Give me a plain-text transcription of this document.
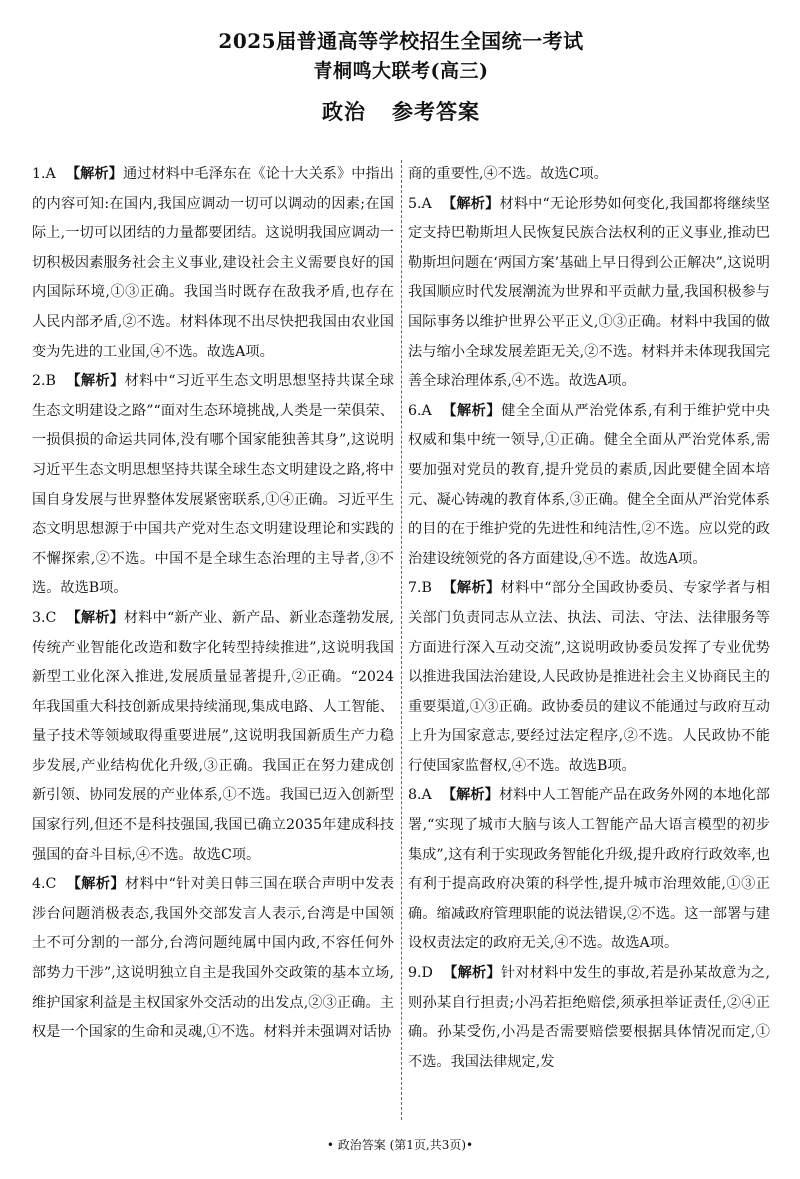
2025届普通高等学校招生全国统一考试
青桐鸣大联考(高三)
政治 参考答案

1.A 【解析】通过材料中毛泽东在《论十大关系》中指出的内容可知:在国内,我国应调动一切可以调动的因素;在国际上,一切可以团结的力量都要团结。这说明我国应调动一切积极因素服务社会主义事业,建设社会主义需要良好的国内国际环境,①③正确。我国当时既存在敌我矛盾,也存在人民内部矛盾,②不选。材料体现不出尽快把我国由农业国变为先进的工业国,④不选。故选A项。

2.B 【解析】材料中“习近平生态文明思想坚持共谋全球生态文明建设之路”“面对生态环境挑战,人类是一荣俱荣、一损俱损的命运共同体,没有哪个国家能独善其身”,这说明习近平生态文明思想坚持共谋全球生态文明建设之路,将中国自身发展与世界整体发展紧密联系,①④正确。习近平生态文明思想源于中国共产党对生态文明建设理论和实践的不懈探索,②不选。中国不是全球生态治理的主导者,③不选。故选B项。

3.C 【解析】材料中“新产业、新产品、新业态蓬勃发展,传统产业智能化改造和数字化转型持续推进”,这说明我国新型工业化深入推进,发展质量显著提升,②正确。“2024年我国重大科技创新成果持续涌现,集成电路、人工智能、量子技术等领域取得重要进展”,这说明我国新质生产力稳步发展,产业结构优化升级,③正确。我国正在努力建成创新引领、协同发展的产业体系,①不选。我国已迈入创新型国家行列,但还不是科技强国,我国已确立2035年建成科技强国的奋斗目标,④不选。故选C项。

4.C 【解析】材料中“针对美日韩三国在联合声明中发表涉台问题消极表态,我国外交部发言人表示,台湾是中国领土不可分割的一部分,台湾问题纯属中国内政,不容任何外部势力干涉”,这说明独立自主是我国外交政策的基本立场,维护国家利益是主权国家外交活动的出发点,②③正确。主权是一个国家的生命和灵魂,①不选。材料并未强调对话协

商的重要性,④不选。故选C项。

5.A 【解析】材料中“无论形势如何变化,我国都将继续坚定支持巴勒斯坦人民恢复民族合法权利的正义事业,推动巴勒斯坦问题在‘两国方案’基础上早日得到公正解决”,这说明我国顺应时代发展潮流为世界和平贡献力量,我国积极参与国际事务以维护世界公平正义,①③正确。材料中我国的做法与缩小全球发展差距无关,②不选。材料并未体现我国完善全球治理体系,④不选。故选A项。

6.A 【解析】健全全面从严治党体系,有利于维护党中央权威和集中统一领导,①正确。健全全面从严治党体系,需要加强对党员的教育,提升党员的素质,因此要健全固本培元、凝心铸魂的教育体系,③正确。健全全面从严治党体系的目的在于维护党的先进性和纯洁性,②不选。应以党的政治建设统领党的各方面建设,④不选。故选A项。

7.B 【解析】材料中“部分全国政协委员、专家学者与相关部门负责同志从立法、执法、司法、守法、法律服务等方面进行深入互动交流”,这说明政协委员发挥了专业优势以推进我国法治建设,人民政协是推进社会主义协商民主的重要渠道,①③正确。政协委员的建议不能通过与政府互动上升为国家意志,要经过法定程序,②不选。人民政协不能行使国家监督权,④不选。故选B项。

8.A 【解析】材料中人工智能产品在政务外网的本地化部署,“实现了城市大脑与该人工智能产品大语言模型的初步集成”,这有利于实现政务智能化升级,提升政府行政效率,也有利于提高政府决策的科学性,提升城市治理效能,①③正确。缩减政府管理职能的说法错误,②不选。这一部署与建设权责法定的政府无关,④不选。故选A项。

9.D 【解析】针对材料中发生的事故,若是孙某故意为之,则孙某自行担责;小冯若拒绝赔偿,须承担举证责任,②④正确。孙某受伤,小冯是否需要赔偿要根据具体情况而定,①不选。我国法律规定,发

• 政治答案 (第1页,共3页)•
